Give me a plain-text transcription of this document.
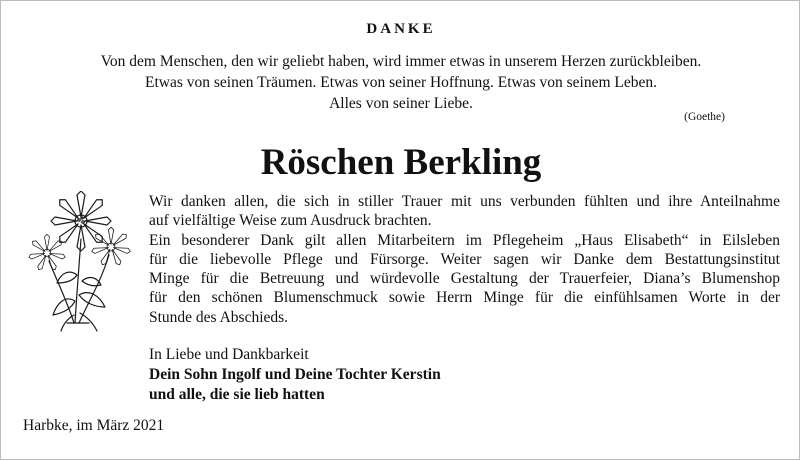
DANKE
Von dem Menschen, den wir geliebt haben, wird immer etwas in unserem Herzen zurückbleiben.
Etwas von seinen Träumen. Etwas von seiner Hoffnung. Etwas von seinem Leben.
Alles von seiner Liebe.
(Goethe)
Röschen Berkling
Wir danken allen, die sich in stiller Trauer mit uns verbunden fühlten und ihre Anteilnahme
auf vielfältige Weise zum Ausdruck brachten.
Ein besonderer Dank gilt allen Mitarbeitern im Pflegeheim „Haus Elisabeth“ in Eilsleben
für die liebevolle Pflege und Fürsorge. Weiter sagen wir Danke dem Bestattungsinstitut
Minge für die Betreuung und würdevolle Gestaltung der Trauerfeier, Diana’s Blumenshop
für den schönen Blumenschmuck sowie Herrn Minge für die einfühlsamen Worte in der
Stunde des Abschieds.
In Liebe und Dankbarkeit
Dein Sohn Ingolf und Deine Tochter Kerstin
und alle, die sie lieb hatten
Harbke, im März 2021
